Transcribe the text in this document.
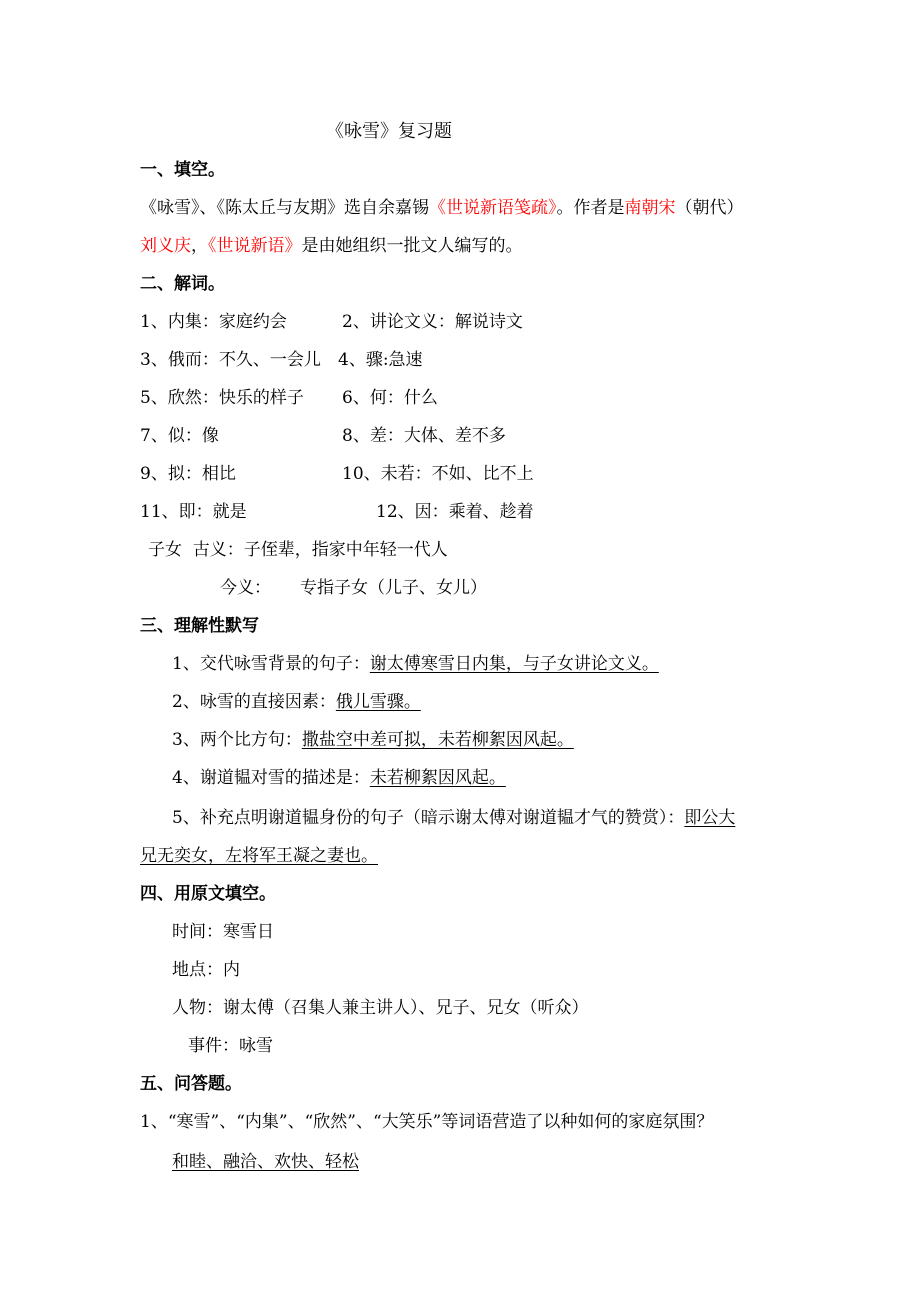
《咏雪》复习题
一、填空。
《咏雪》、《陈太丘与友期》选自余嘉锡《世说新语笺疏》。作者是南朝宋（朝代）
刘义庆，《世说新语》是由她组织一批文人编写的。
二、解词。
1、内集：家庭约会	2、讲论文义：解说诗文
3、俄而：不久、一会儿 4、骤:急速
5、欣然：快乐的样子 6、何：什么
7、似：像	8、差：大体、差不多
9、拟：相比	10、未若：不如、比不上
11、即：就是	12、因：乘着、趁着
子女  古义：子侄辈，指家中年轻一代人
今义： 专指子女（儿子、女儿）
三、理解性默写
1、交代咏雪背景的句子：谢太傅寒雪日内集，与子女讲论文义。
2、咏雪的直接因素：俄儿雪骤。
3、两个比方句：撒盐空中差可拟，未若柳絮因风起。
4、谢道韫对雪的描述是：未若柳絮因风起。
5、补充点明谢道韫身份的句子（暗示谢太傅对谢道韫才气的赞赏）：即公大
兄无奕女，左将军王凝之妻也。
四、用原文填空。
时间：寒雪日
地点：内
人物：谢太傅（召集人兼主讲人）、兄子、兄女（听众）
事件：咏雪
五、问答题。
1、“寒雪”、“内集”、“欣然”、“大笑乐”等词语营造了以种如何的家庭氛围？
和睦、融洽、欢快、轻松
